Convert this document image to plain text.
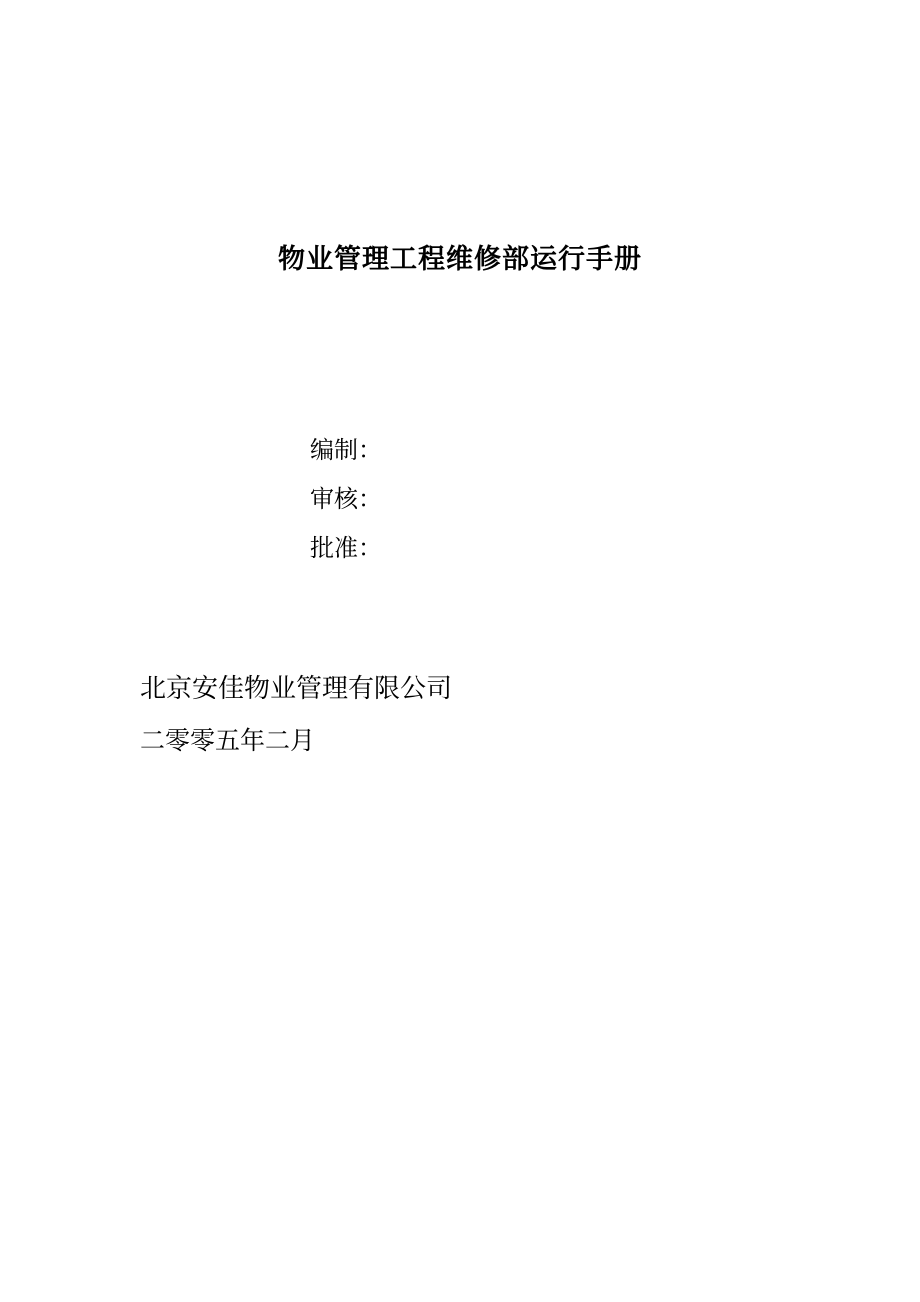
物业管理工程维修部运行手册
编制：
审核：
批准：
北京安佳物业管理有限公司
二零零五年二月
